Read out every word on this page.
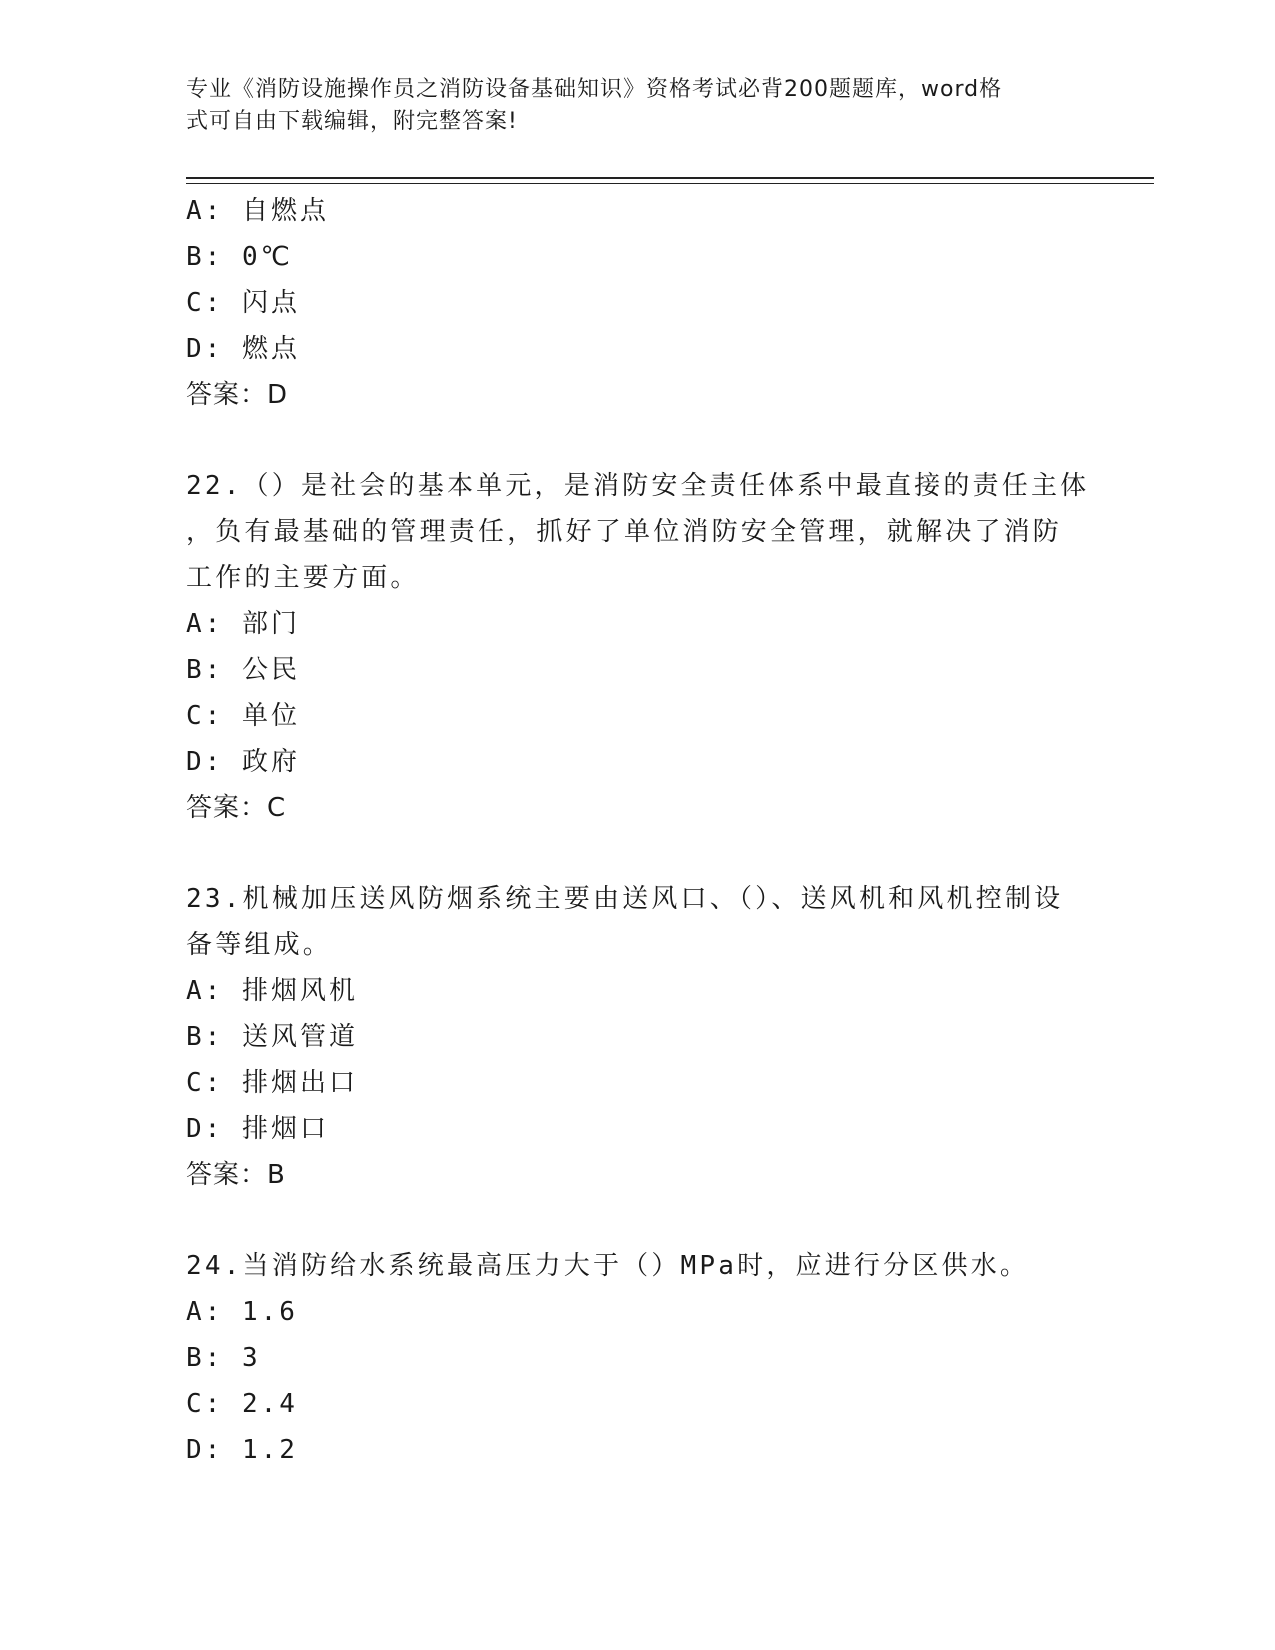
专业《消防设施操作员之消防设备基础知识》资格考试必背200题题库，word格
式可自由下载编辑，附完整答案!
A: 自燃点
B: 0℃
C: 闪点
D: 燃点
答案：D
22.（）是社会的基本单元，是消防安全责任体系中最直接的责任主体
，负有最基础的管理责任，抓好了单位消防安全管理，就解决了消防
工作的主要方面。
A: 部门
B: 公民
C: 单位
D: 政府
答案：C
23.机械加压送风防烟系统主要由送风口、（）、送风机和风机控制设
备等组成。
A: 排烟风机
B: 送风管道
C: 排烟出口
D: 排烟口
答案：B
24.当消防给水系统最高压力大于（）MPa时，应进行分区供水。
A: 1.6
B: 3
C: 2.4
D: 1.2
